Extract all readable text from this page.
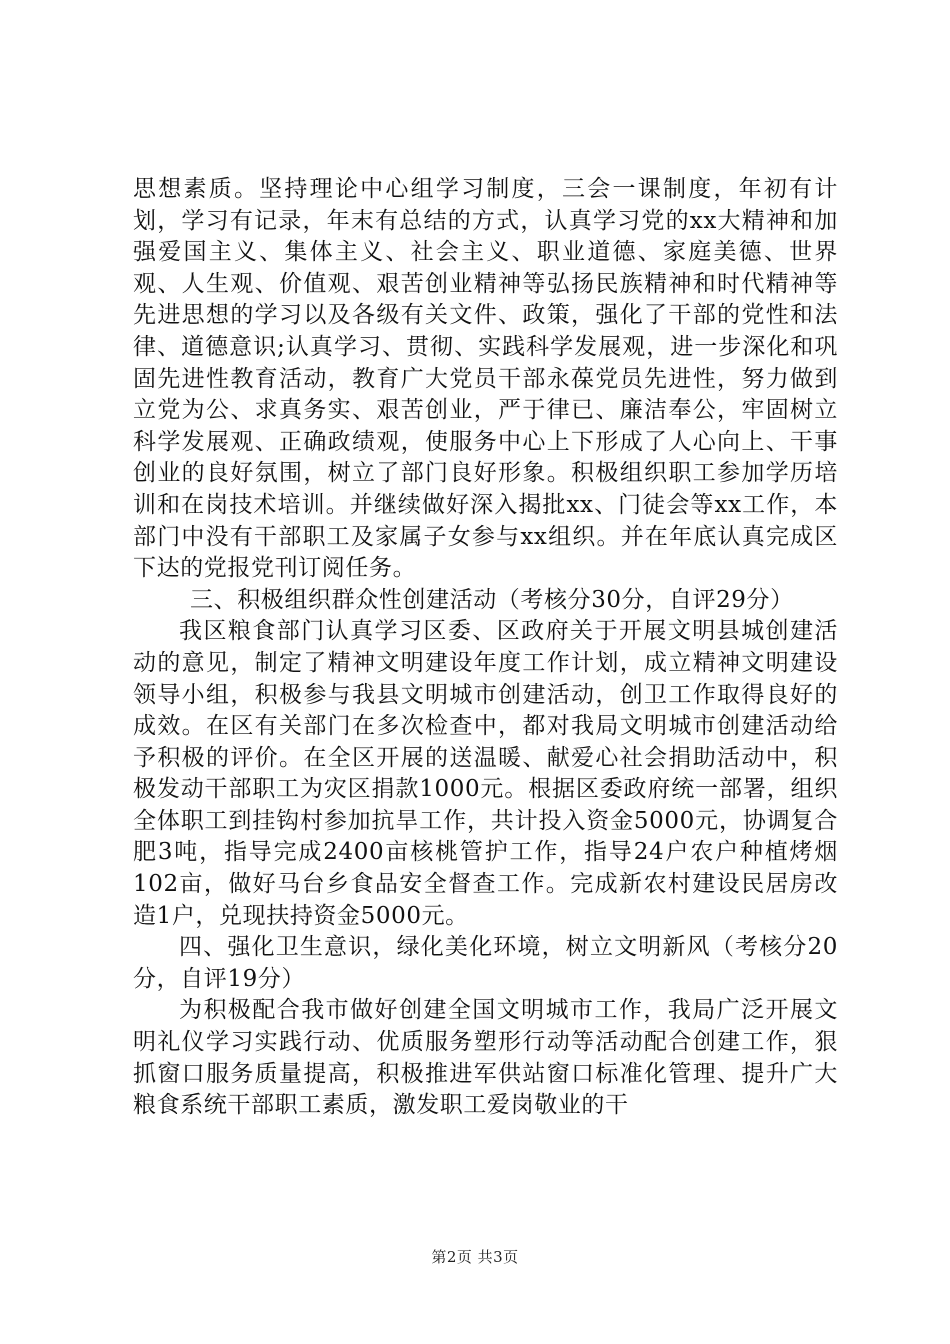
思想素质。坚持理论中心组学习制度，三会一课制度，年初有计划，学习有记录，年末有总结的方式，认真学习党的xx大精神和加强爱国主义、集体主义、社会主义、职业道德、家庭美德、世界观、人生观、价值观、艰苦创业精神等弘扬民族精神和时代精神等先进思想的学习以及各级有关文件、政策，强化了干部的党性和法律、道德意识;认真学习、贯彻、实践科学发展观，进一步深化和巩固先进性教育活动，教育广大党员干部永葆党员先进性，努力做到立党为公、求真务实、艰苦创业，严于律已、廉洁奉公，牢固树立科学发展观、正确政绩观，使服务中心上下形成了人心向上、干事创业的良好氛围，树立了部门良好形象。积极组织职工参加学历培训和在岗技术培训。并继续做好深入揭批xx、门徒会等xx工作，本部门中没有干部职工及家属子女参与xx组织。并在年底认真完成区下达的党报党刊订阅任务。

三、积极组织群众性创建活动（考核分30分，自评29分）

我区粮食部门认真学习区委、区政府关于开展文明县城创建活动的意见，制定了精神文明建设年度工作计划，成立精神文明建设领导小组，积极参与我县文明城市创建活动，创卫工作取得良好的成效。在区有关部门在多次检查中，都对我局文明城市创建活动给予积极的评价。在全区开展的送温暖、献爱心社会捐助活动中，积极发动干部职工为灾区捐款1000元。根据区委政府统一部署，组织全体职工到挂钩村参加抗旱工作，共计投入资金5000元，协调复合肥3吨，指导完成2400亩核桃管护工作，指导24户农户种植烤烟102亩，做好马台乡食品安全督查工作。完成新农村建设民居房改造1户，兑现扶持资金5000元。

四、强化卫生意识，绿化美化环境，树立文明新风（考核分20分，自评19分）

为积极配合我市做好创建全国文明城市工作，我局广泛开展文明礼仪学习实践行动、优质服务塑形行动等活动配合创建工作，狠抓窗口服务质量提高，积极推进军供站窗口标准化管理、提升广大粮食系统干部职工素质，激发职工爱岗敬业的干

第2页 共3页
